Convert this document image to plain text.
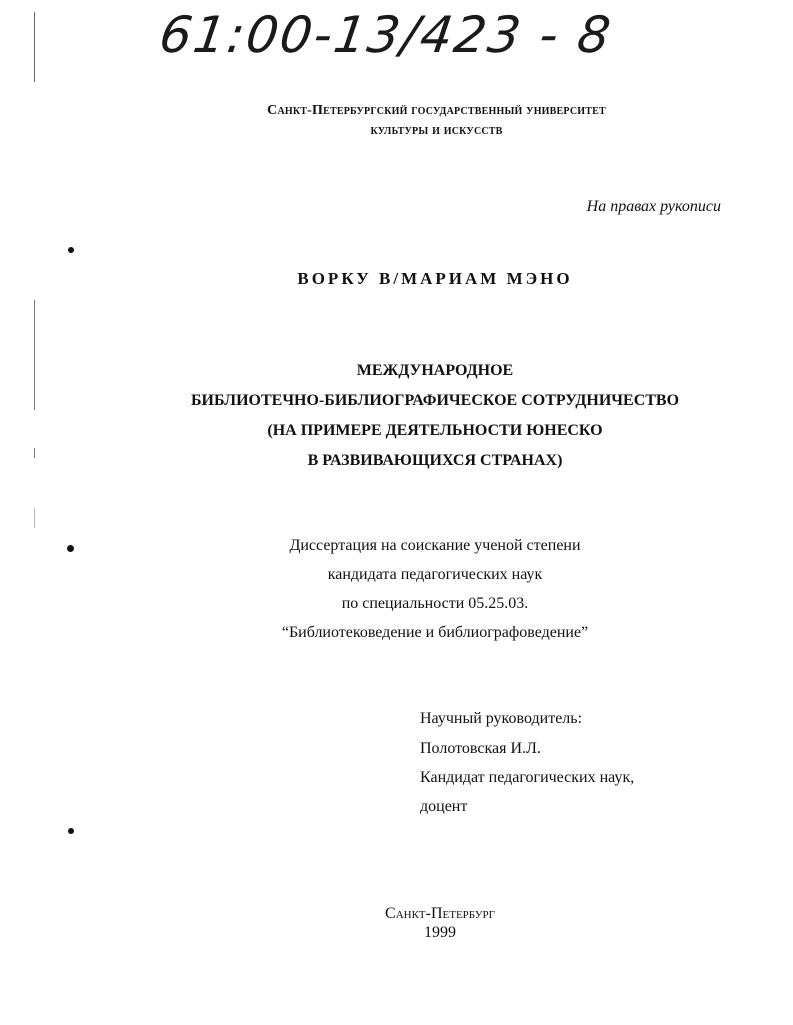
61:00-13/423 - 8
Санкт-Петербургский государственный университет
культуры и искусств
На правах рукописи
ВОРКУ В/МАРИАМ МЭНО
МЕЖДУНАРОДНОЕ
БИБЛИОТЕЧНО-БИБЛИОГРАФИЧЕСКОЕ СОТРУДНИЧЕСТВО
(НА ПРИМЕРЕ ДЕЯТЕЛЬНОСТИ ЮНЕСКО
В РАЗВИВАЮЩИХСЯ СТРАНАХ)
Диссертация на соискание ученой степени
кандидата педагогических наук
по специальности 05.25.03.
“Библиотековедение и библиографоведение”
Научный руководитель:
Полотовская И.Л.
Кандидат педагогических наук,
доцент
Санкт-Петербург
1999
